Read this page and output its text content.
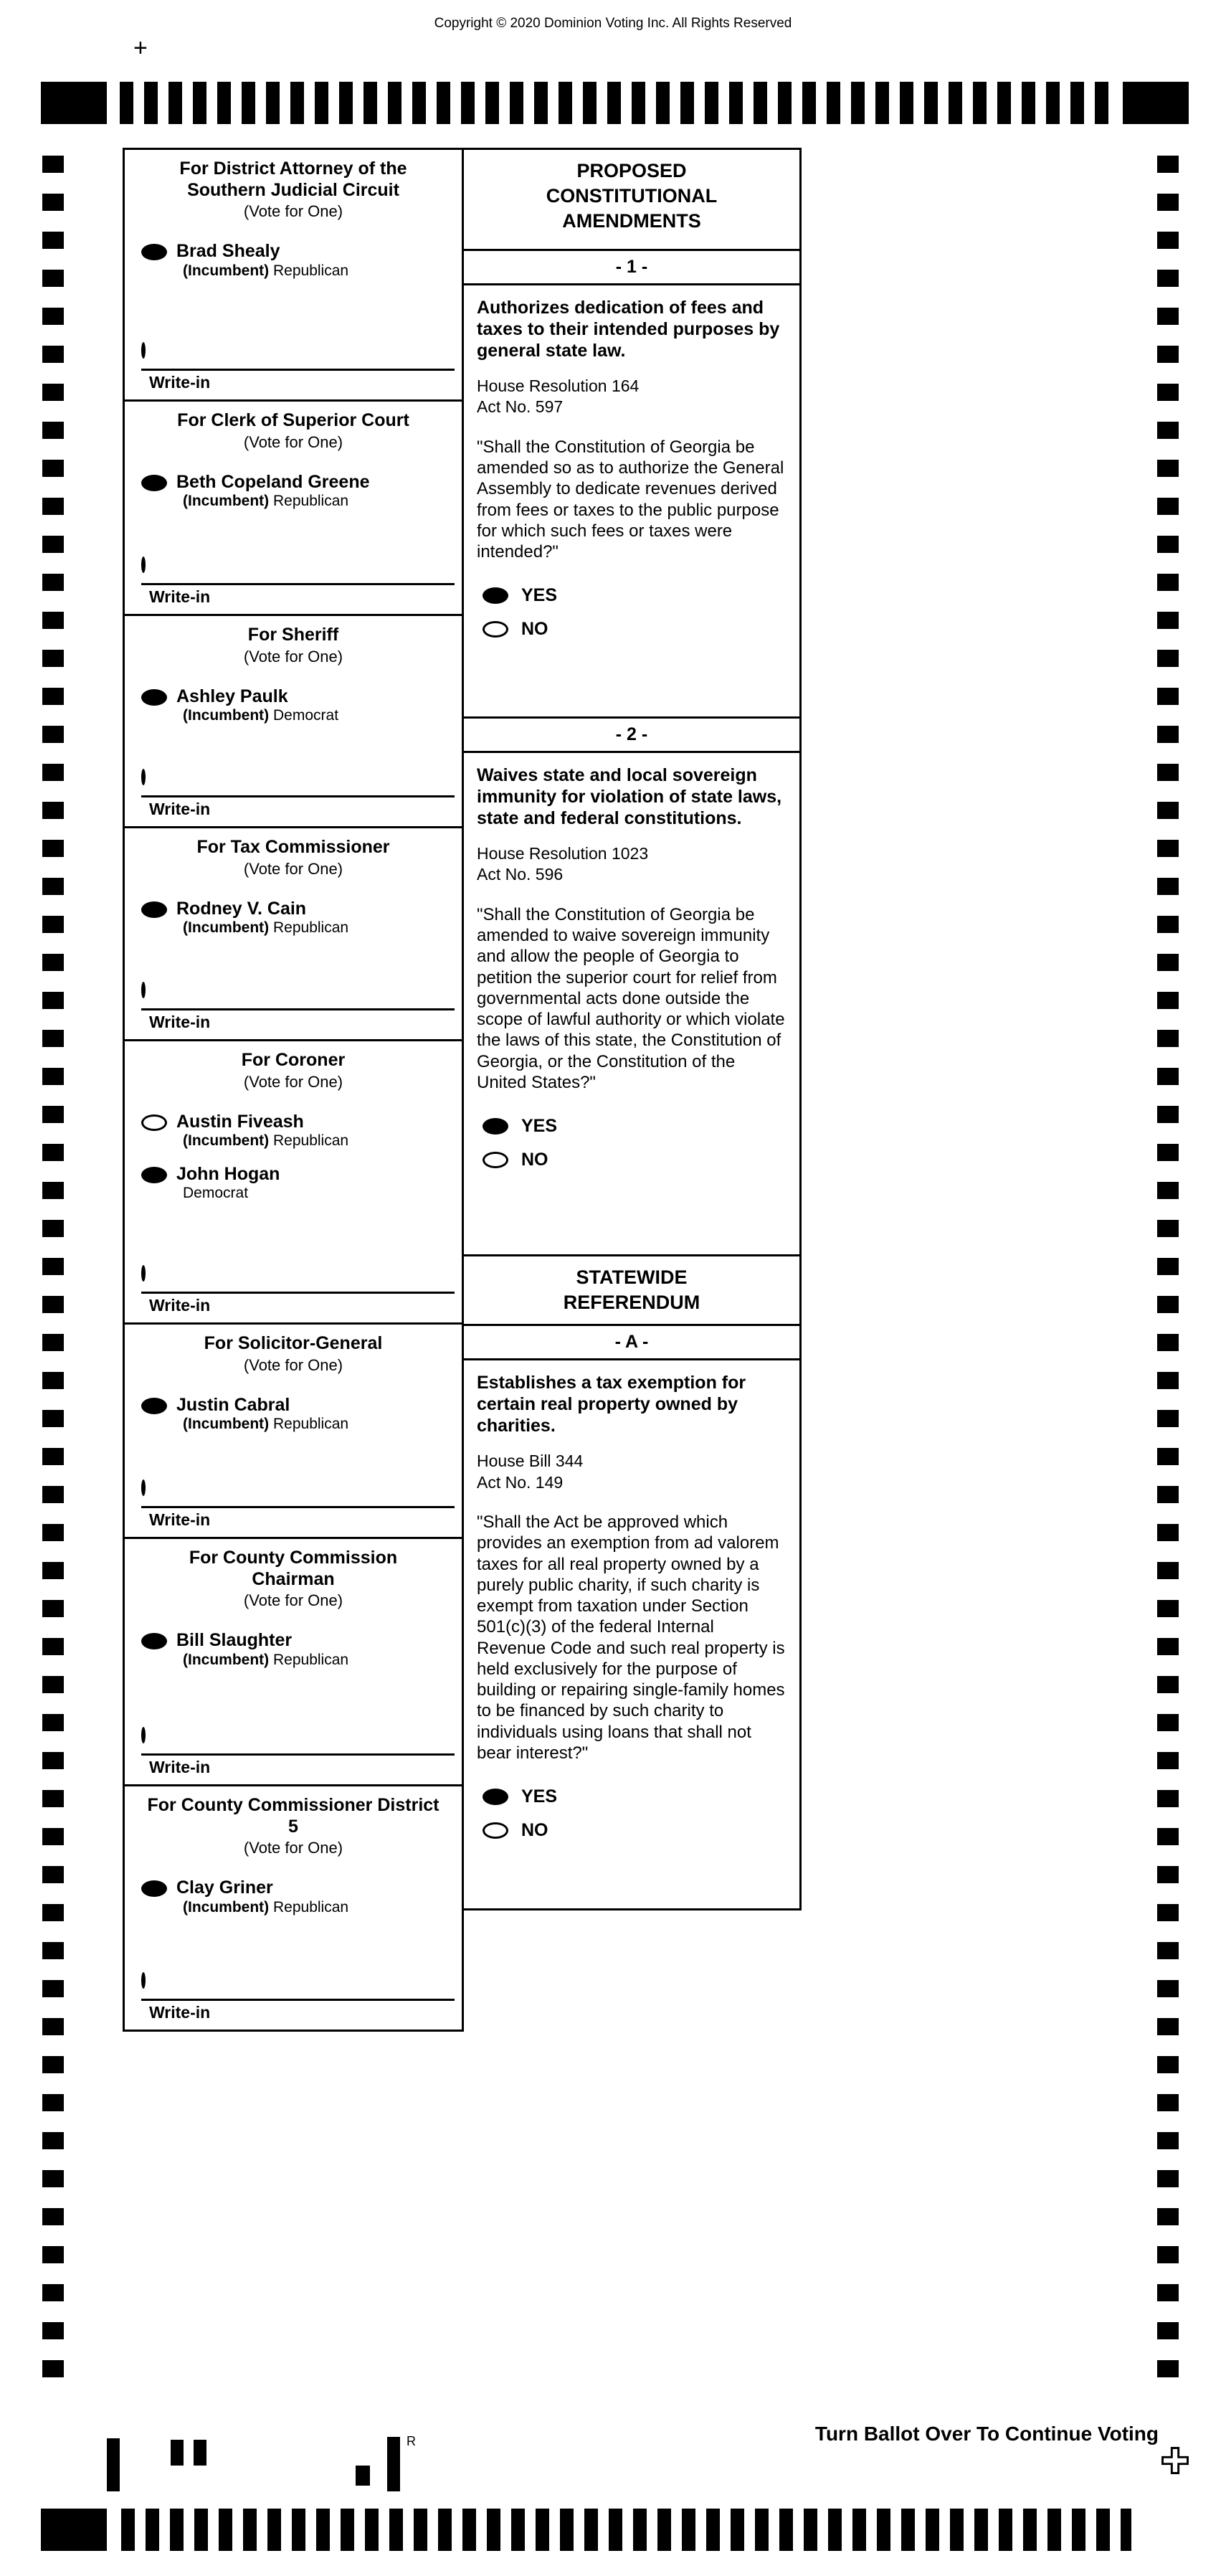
Copyright © 2020 Dominion Voting Inc. All Rights Reserved
+
For District Attorney of the Southern Judicial Circuit
(Vote for One)
Brad Shealy
(Incumbent) Republican
Write-in
For Clerk of Superior Court
(Vote for One)
Beth Copeland Greene
(Incumbent) Republican
Write-in
For Sheriff
(Vote for One)
Ashley Paulk
(Incumbent) Democrat
Write-in
For Tax Commissioner
(Vote for One)
Rodney V. Cain
(Incumbent) Republican
Write-in
For Coroner
(Vote for One)
Austin Fiveash
(Incumbent) Republican
John Hogan
Democrat
Write-in
For Solicitor-General
(Vote for One)
Justin Cabral
(Incumbent) Republican
Write-in
For County Commission Chairman
(Vote for One)
Bill Slaughter
(Incumbent) Republican
Write-in
For County Commissioner District 5
(Vote for One)
Clay Griner
(Incumbent) Republican
Write-in
PROPOSED CONSTITUTIONAL AMENDMENTS
- 1 -
Authorizes dedication of fees and taxes to their intended purposes by general state law.
House Resolution 164
Act No. 597
"Shall the Constitution of Georgia be amended so as to authorize the General Assembly to dedicate revenues derived from fees or taxes to the public purpose for which such fees or taxes were intended?"
YES
NO
- 2 -
Waives state and local sovereign immunity for violation of state laws, state and federal constitutions.
House Resolution 1023
Act No. 596
"Shall the Constitution of Georgia be amended to waive sovereign immunity and allow the people of Georgia to petition the superior court for relief from governmental acts done outside the scope of lawful authority or which violate the laws of this state, the Constitution of Georgia, or the Constitution of the United States?"
YES
NO
STATEWIDE REFERENDUM
- A -
Establishes a tax exemption for certain real property owned by charities.
House Bill 344
Act No. 149
"Shall the Act be approved which provides an exemption from ad valorem taxes for all real property owned by a purely public charity, if such charity is exempt from taxation under Section 501(c)(3) of the federal Internal Revenue Code and such real property is held exclusively for the purpose of building or repairing single-family homes to be financed by such charity to individuals using loans that shall not bear interest?"
YES
NO
R	Turn Ballot Over To Continue Voting
